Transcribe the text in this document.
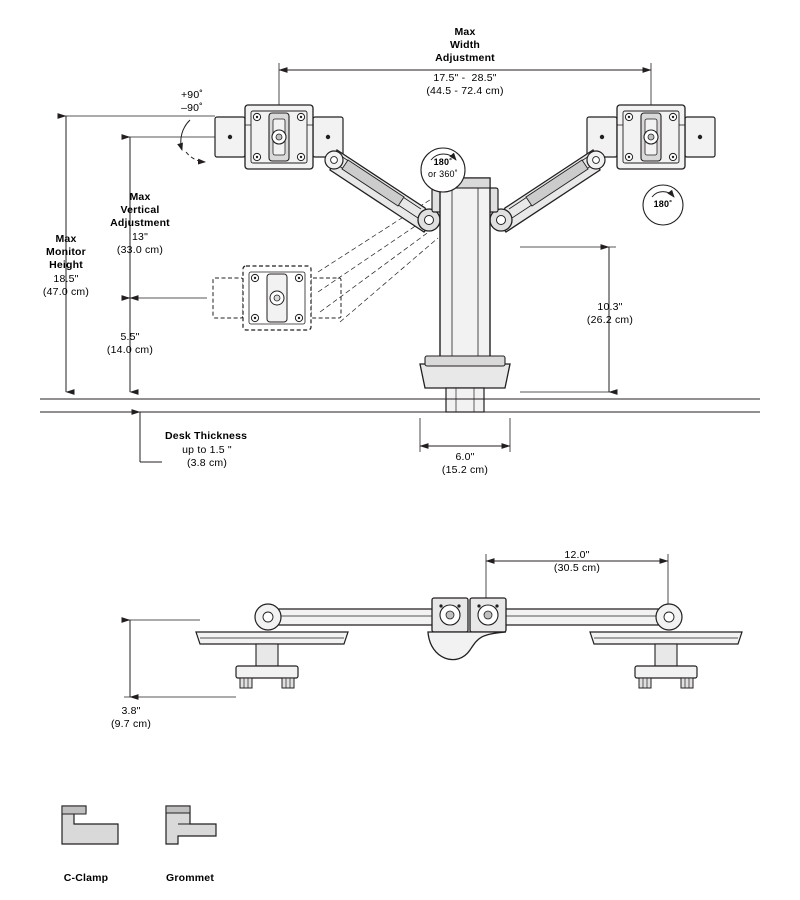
Max
Width
Adjustment
17.5" -  28.5"
(44.5 - 72.4 cm)
+90˚
–90˚
180˚
or 360˚
180˚
Max
Vertical
Adjustment
13"
(33.0 cm)
Max
Monitor
Height
18.5"
(47.0 cm)
5.5"
(14.0 cm)
10.3"
(26.2 cm)
6.0"
(15.2 cm)
Desk Thickness
up to 1.5 "
(3.8 cm)
12.0"
(30.5 cm)
3.8"
(9.7 cm)
C-Clamp	Grommet
